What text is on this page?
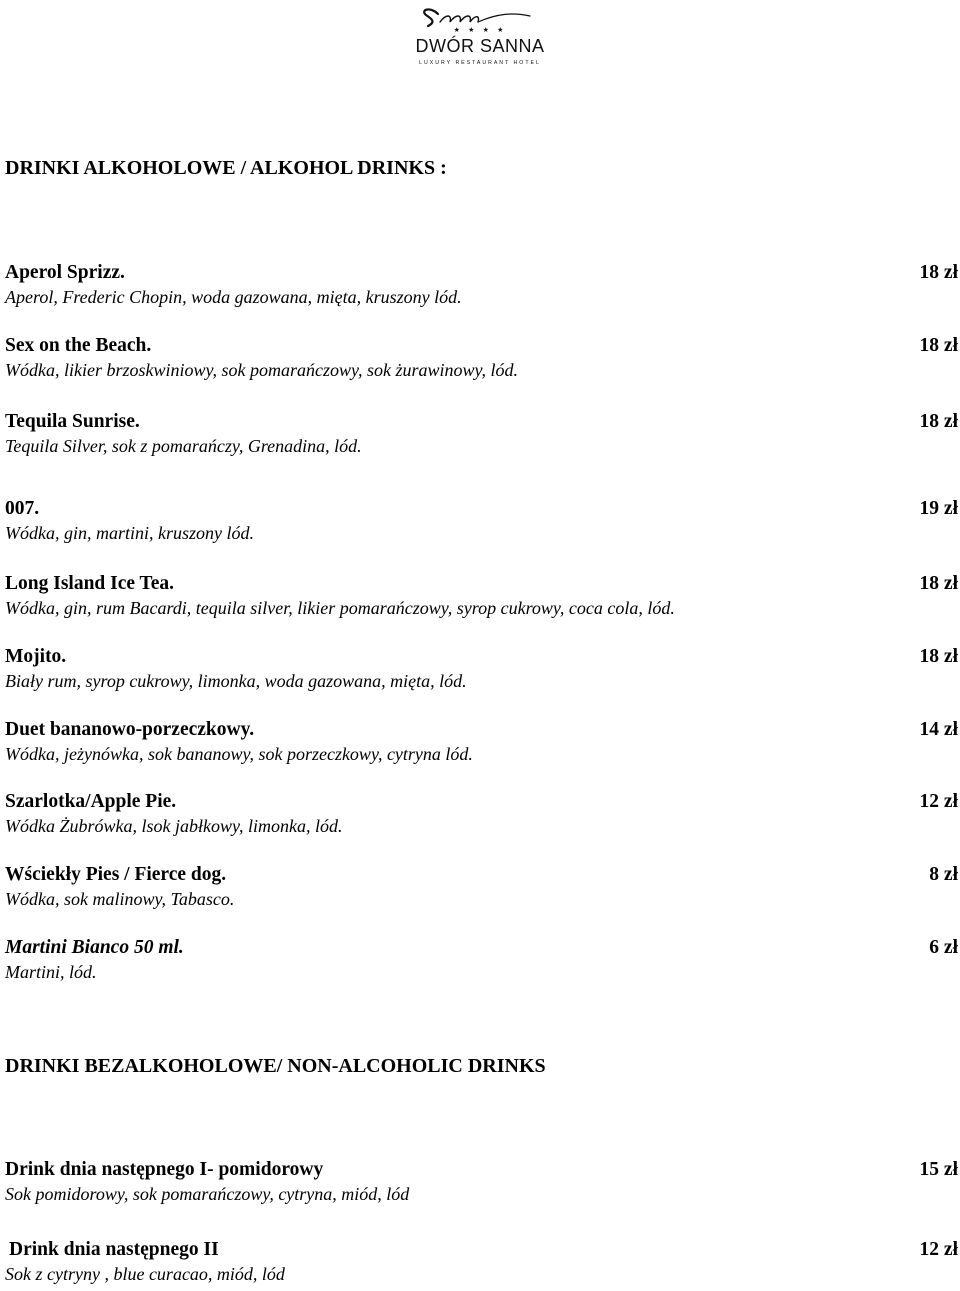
★ ★ ★ ★
DWÓR SANNA
LUXURY RESTAURANT HOTEL
DRINKI ALKOHOLOWE / ALKOHOL DRINKS :
Aperol Sprizz.
Aperol, Frederic Chopin, woda gazowana, mięta, kruszony lód.
18 zł
Sex on the Beach.
Wódka, likier brzoskwiniowy, sok pomarańczowy, sok żurawinowy, lód.
18 zł
Tequila Sunrise.
Tequila Silver, sok z pomarańczy, Grenadina, lód.
18 zł
007.
Wódka, gin, martini, kruszony lód.
19 zł
Long Island Ice Tea.
Wódka, gin, rum Bacardi, tequila silver, likier pomarańczowy, syrop cukrowy, coca cola, lód.
18 zł
Mojito.
Biały rum, syrop cukrowy, limonka, woda gazowana, mięta, lód.
18 zł
Duet bananowo-porzeczkowy.
Wódka, jeżynówka, sok bananowy, sok porzeczkowy, cytryna lód.
14 zł
Szarlotka/Apple Pie.
Wódka Żubrówka, lsok jabłkowy, limonka, lód.
12 zł
Wściekły Pies / Fierce dog.
Wódka, sok malinowy, Tabasco.
8 zł
Martini Bianco 50 ml.
Martini, lód.
6 zł
DRINKI BEZALKOHOLOWE/ NON-ALCOHOLIC DRINKS
Drink dnia następnego I- pomidorowy
Sok pomidorowy, sok pomarańczowy, cytryna, miód, lód
15 zł
Drink dnia następnego II
Sok z cytryny , blue curacao, miód, lód
12 zł
